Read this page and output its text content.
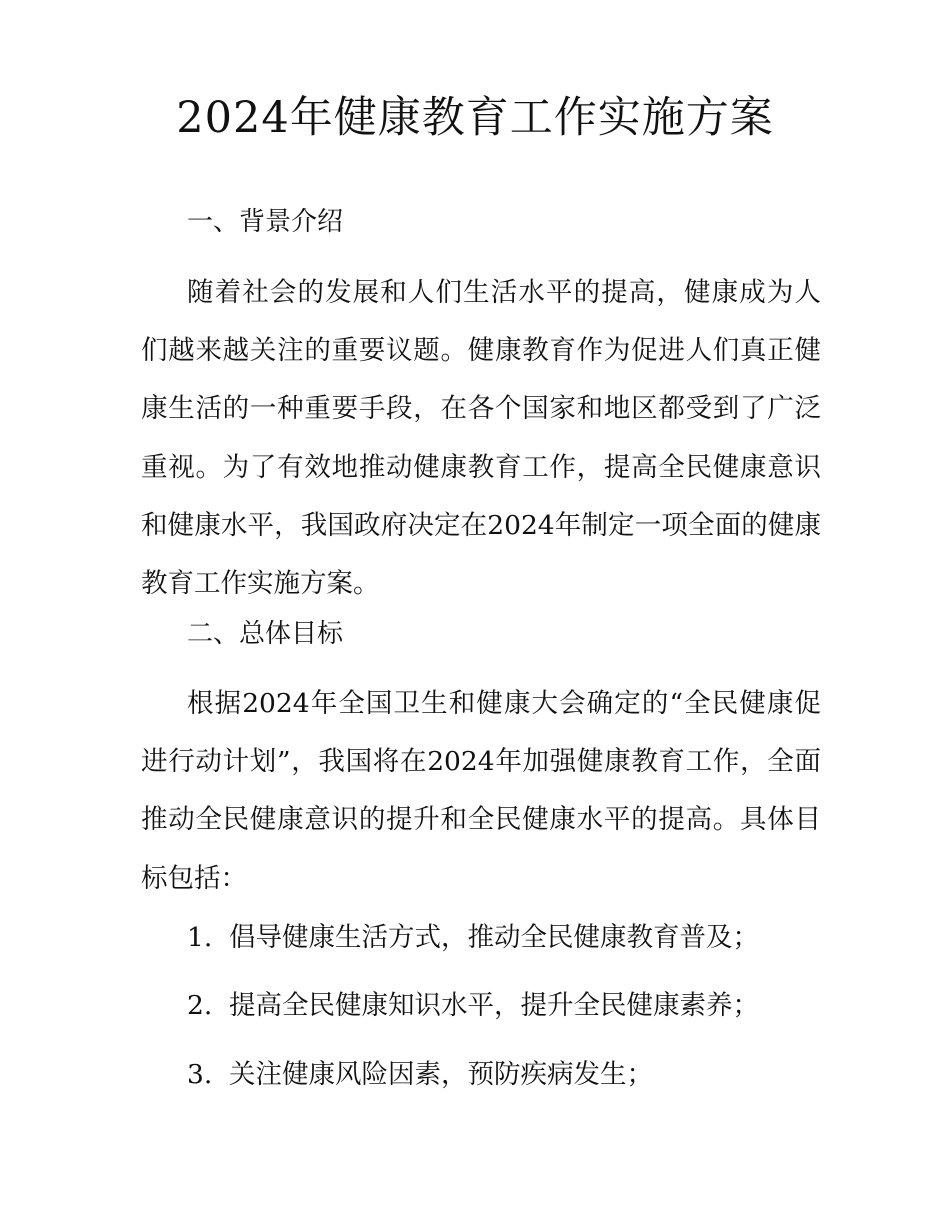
2024年健康教育工作实施方案
一、背景介绍

随着社会的发展和人们生活水平的提高，健康成为人们越来越关注的重要议题。健康教育作为促进人们真正健康生活的一种重要手段，在各个国家和地区都受到了广泛重视。为了有效地推动健康教育工作，提高全民健康意识和健康水平，我国政府决定在2024年制定一项全面的健康教育工作实施方案。

二、总体目标

根据2024年全国卫生和健康大会确定的“全民健康促进行动计划”，我国将在2024年加强健康教育工作，全面推动全民健康意识的提升和全民健康水平的提高。具体目标包括：

1. 倡导健康生活方式，推动全民健康教育普及；
2. 提高全民健康知识水平，提升全民健康素养；
3. 关注健康风险因素，预防疾病发生；
